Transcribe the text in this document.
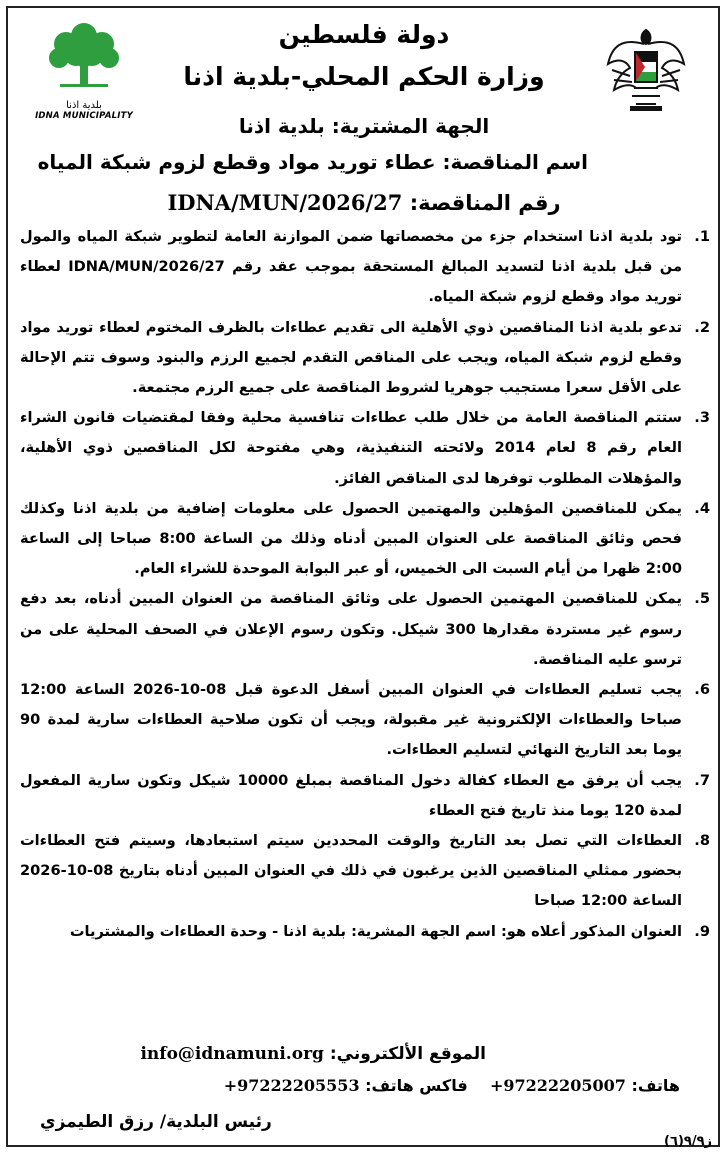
بلدية اذنا
IDNA MUNICIPALITY
دولة فلسطين
وزارة الحكم المحلي-بلدية اذنا
الجهة المشترية: بلدية اذنا
اسم المناقصة: عطاء توريد مواد وقطع لزوم شبكة المياه
رقم المناقصة: IDNA/MUN/2026/27
1.
تود بلدية اذنا استخدام جزء من مخصصاتها ضمن الموازنة العامة لتطوير شبكة المياه والمول من قبل بلدية اذنا لتسديد المبالغ المستحقة بموجب عقد رقم IDNA/MUN/2026/27 لعطاء توريد مواد وقطع لزوم شبكة المياه.
2.
تدعو بلدية اذنا المناقصين ذوي الأهلية الى تقديم عطاءات بالظرف المختوم لعطاء توريد مواد وقطع لزوم شبكة المياه، ويجب على المناقص التقدم لجميع الرزم والبنود وسوف تتم الإحالة على الأقل سعرا مستجيب جوهريا لشروط المناقصة على جميع الرزم مجتمعة.
3.
ستتم المناقصة العامة من خلال طلب عطاءات تنافسية محلية وفقا لمقتضيات قانون الشراء العام رقم 8 لعام 2014 ولائحته التنفيذية، وهي مفتوحة لكل المناقصين ذوي الأهلية، والمؤهلات المطلوب توفرها لدى المناقص الفائز.
4.
يمكن للمناقصين المؤهلين والمهتمين الحصول على معلومات إضافية من بلدية اذنا وكذلك فحص وثائق المناقصة على العنوان المبين أدناه وذلك من الساعة 8:00 صباحا إلى الساعة 2:00 ظهرا من أيام السبت الى الخميس، أو عبر البوابة الموحدة للشراء العام.
5.
يمكن للمناقصين المهتمين الحصول على وثائق المناقصة من العنوان المبين أدناه، بعد دفع رسوم غير مستردة مقدارها 300 شيكل. وتكون رسوم الإعلان في الصحف المحلية على من ترسو عليه المناقصة.
6.
يجب تسليم العطاءات في العنوان المبين أسفل الدعوة قبل 08-10-2026 الساعة 12:00 صباحا والعطاءات الإلكترونية غير مقبولة، ويجب أن تكون صلاحية العطاءات سارية لمدة 90 يوما بعد التاريخ النهائي لتسليم العطاءات.
7.
يجب أن يرفق مع العطاء كفالة دخول المناقصة بمبلغ 10000 شيكل وتكون سارية المفعول لمدة 120 يوما منذ تاريخ فتح العطاء
8.
العطاءات التي تصل بعد التاريخ والوقت المحددين سيتم استبعادها، وسيتم فتح العطاءات بحضور ممثلي المناقصين الذين يرغبون في ذلك في العنوان المبين أدناه بتاريخ 08-10-2026 الساعة 12:00 صباحا
9.
العنوان المذكور أعلاه هو: اسم الجهة المشرية: بلدية اذنا - وحدة العطاءات والمشتريات
الموقع الألكتروني: info@idnamuni.org
هاتف: +97222205007    فاكس هاتف: +97222205553
رئيس البلدية/ رزق الطيمزي
ز٩/٩(٦)
